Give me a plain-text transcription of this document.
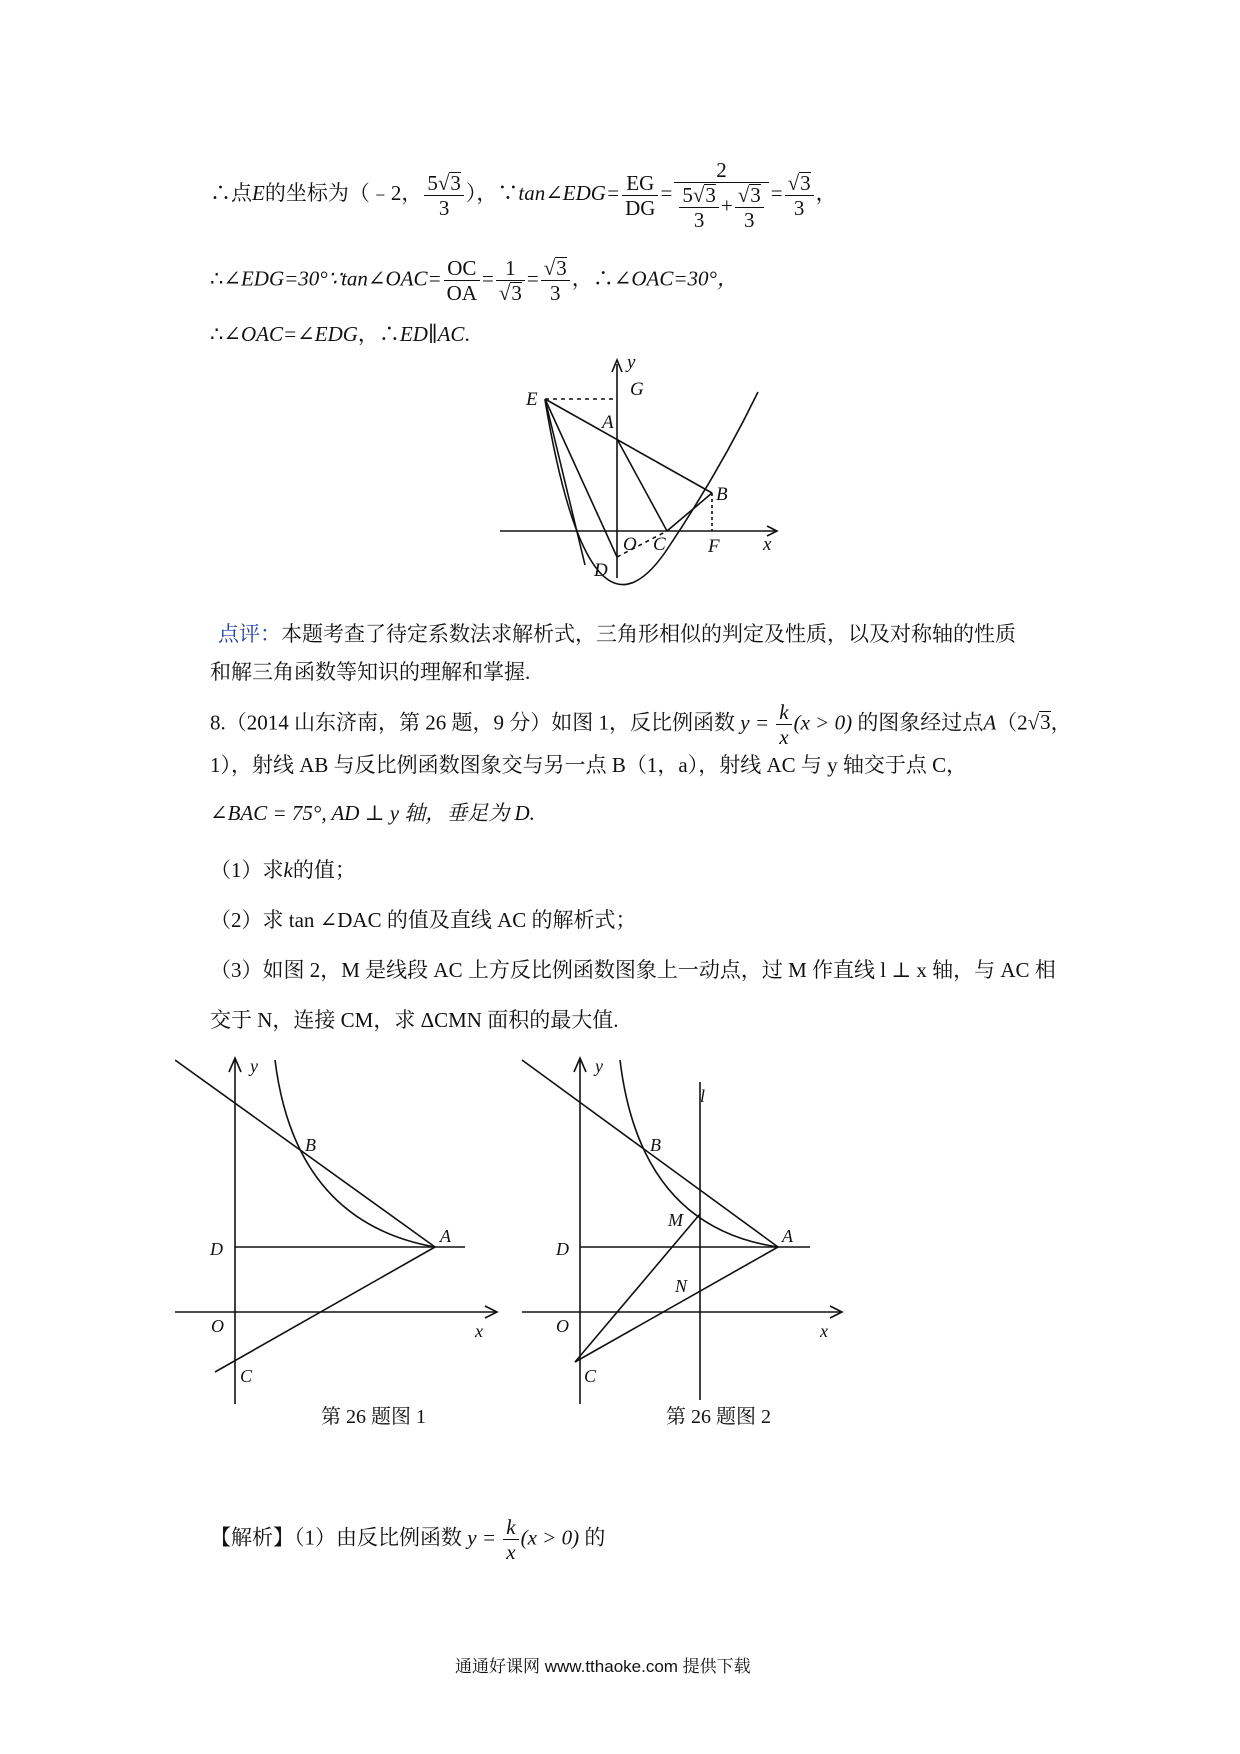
∴点E的坐标为（﹣2， $\frac{5√3}{3}$ ），∵tan∠EDG= $\frac{EG}{DG} = \frac{2}{\frac{5√3}{3} + \frac{√3}{3}} = \frac{√3}{3}$ ，
∴∠EDG=30°∵tan∠OAC= $\frac{OC}{OA} = \frac{1}{√3} = \frac{√3}{3}$ ，∴∠OAC=30°，
∴∠OAC=∠EDG，∴ED∥AC.
y
E	G
A
B
O C F x
D
点评：本题考查了待定系数法求解析式，三角形相似的判定及性质，以及对称轴的性质
和解三角函数等知识的理解和掌握.
8.（2014 山东济南，第 26 题，9 分）如图 1，反比例函数 $y = \frac{k}{x} (x > 0)$ 的图象经过点A（2√3，
1），射线 AB 与反比例函数图象交与另一点 B（1，a），射线 AC 与 y 轴交于点 C，
∠BAC = 75°, AD ⊥ y 轴，垂足为 D.
（1）求k的值；
（2）求 tan ∠DAC 的值及直线 AC 的解析式；
（3）如图 2，M 是线段 AC 上方反比例函数图象上一动点，过 M 作直线 l ⊥ x 轴，与 AC 相
交于 N，连接 CM，求 ΔCMN 面积的最大值.
y
B
A
D
O	x
C
第 26 题图 1
y
l
B
M
A
D
N
O	x
C
第 26 题图 2
【解析】（1）由反比例函数 $y = \frac{k}{x} (x > 0)$ 的
通通好课网 www.tthaoke.com 提供下载
